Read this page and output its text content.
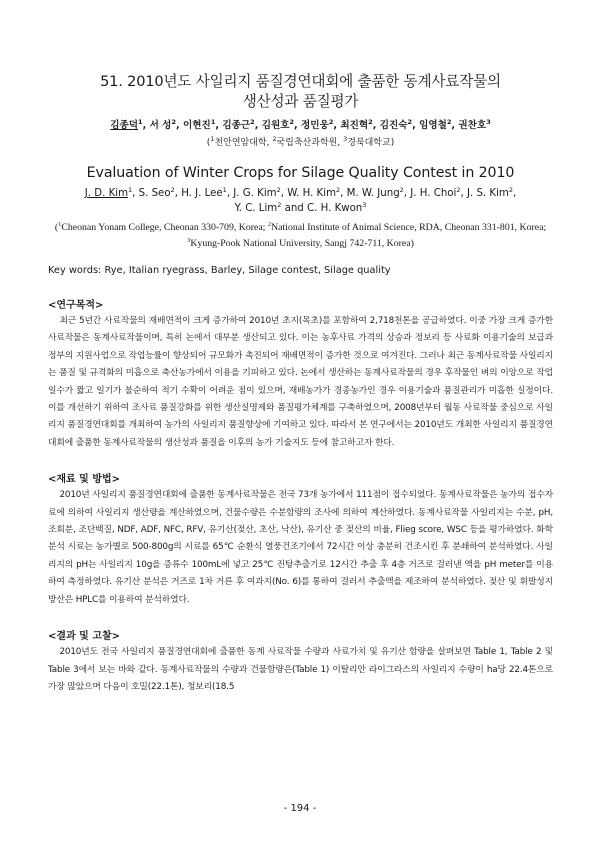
51. 2010년도 사일리지 품질경연대회에 출품한 동계사료작물의
생산성과 품질평가
김종덕$^1$, 서 성$^2$, 이현진$^1$, 김종근$^2$, 김원호$^2$, 정민웅$^2$, 최진혁$^2$, 김진숙$^2$, 임영철$^2$, 권찬호$^3$
($^1$천안연암대학, $^2$국립축산과학원, $^3$경북대학교)
Evaluation of Winter Crops for Silage Quality Contest in 2010
J. D. Kim$^1$, S. Seo$^2$, H. J. Lee$^1$, J. G. Kim$^2$, W. H. Kim$^2$, M. W. Jung$^2$, J. H. Choi$^2$, J. S. Kim$^2$,
Y. C. Lim$^2$ and C. H. Kwon$^3$
($^1$Cheonan Yonam College, Cheonan 330-709, Korea; $^2$National Institute of Animal Science, RDA, Cheonan 331-801, Korea; $^3$Kyung-Pook National University, Sangj 742-711, Korea)
Key words: Rye, Italian ryegrass, Barley, Silage contest, Silage quality
<연구목적>
최근 5년간 사료작물의 재배면적이 크게 증가하여 2010년 초지(목초)를 포함하여 2,718천톤을 공급하였다. 이중 가장 크게 증가한 사료작물은 동계사료작물이며, 특히 논에서 대부분 생산되고 있다. 이는 농후사료 가격의 상승과 정보리 등 사료화 이용기술의 보급과 정부의 지원사업으로 작업능률이 향상되어 규모화가 촉진되어 재배면적이 증가한 것으로 여겨진다. 그러나 최근 동계사료작물 사일리지는 품질 및 규격화의 미흡으로 축산농가에서 이용을 기피하고 있다. 논에서 생산하는 동계사료작물의 경우 후작물인 벼의 이앙으로 작업일수가 짧고 일기가 불순하여 적기 수확이 어려운 점이 있으며, 재배농가가 경종농가인 경우 이용기술과 품질관리가 미흡한 실정이다. 이를 개선하기 위하여 조사료 품질강화를 위한 생산실명제와 품질평가체계를 구축하였으며, 2008년부터 월동 사료작물 중심으로 사일리지 품질경연대회를 개최하여 농가의 사일리지 품질향상에 기여하고 있다. 따라서 본 연구에서는 2010년도 개최한 사일리지 품질경연대회에 출품한 동계사료작물의 생산성과 품질을 이후의 농가 기술지도 등에 참고하고자 한다.
<재료 및 방법>
2010년 사일리지 품질경연대회에 출품한 동계사료작물은 전국 73개 농가에서 111점이 접수되었다. 동계사료작물은 농가의 접수자료에 의하여 사일리지 생산량을 계산하였으며, 건물수량은 수분함량의 조사에 의하여 계산하였다. 동계사료작물 사일리지는 수분, pH, 조회분, 조단백질, NDF, ADF, NFC, RFV, 유기산(젖산, 초산, 낙산), 유기산 중 젖산의 비율, Flieg score, WSC 등을 평가하였다. 화학분석 시료는 농가별로 500-800g의 시료를 65℃ 순환식 열풍건조기에서 72시간 이상 충분히 건조시킨 후 분쇄하여 분석하였다. 사일리지의 pH는 사일리지 10g을 증류수 100mL에 넣고 25℃ 진탕추출기로 12시간 추출 후 4층 거즈로 걸러낸 액을 pH meter를 이용하여 측정하였다. 유기산 분석은 거즈로 1차 거른 후 여과지(No. 6)를 통하여 걸러서 추출액을 제조하여 분석하였다. 젖산 및 휘발성지방산은 HPLC를 이용하여 분석하였다.
<결과 및 고찰>
2010년도 전국 사일리지 품질경연대회에 출품한 동계 사료작물 수량과 사료가치 및 유기산 함량을 살펴보면 Table 1, Table 2 및 Table 3에서 보는 바와 같다. 동계사료작물의 수량과 건물함량은(Table 1) 이탈리안 라이그라스의 사일리지 수량이 ha당 22.4톤으로 가장 많았으며 다음이 호밀(22.1톤), 청보리(18.5
- 194 -
